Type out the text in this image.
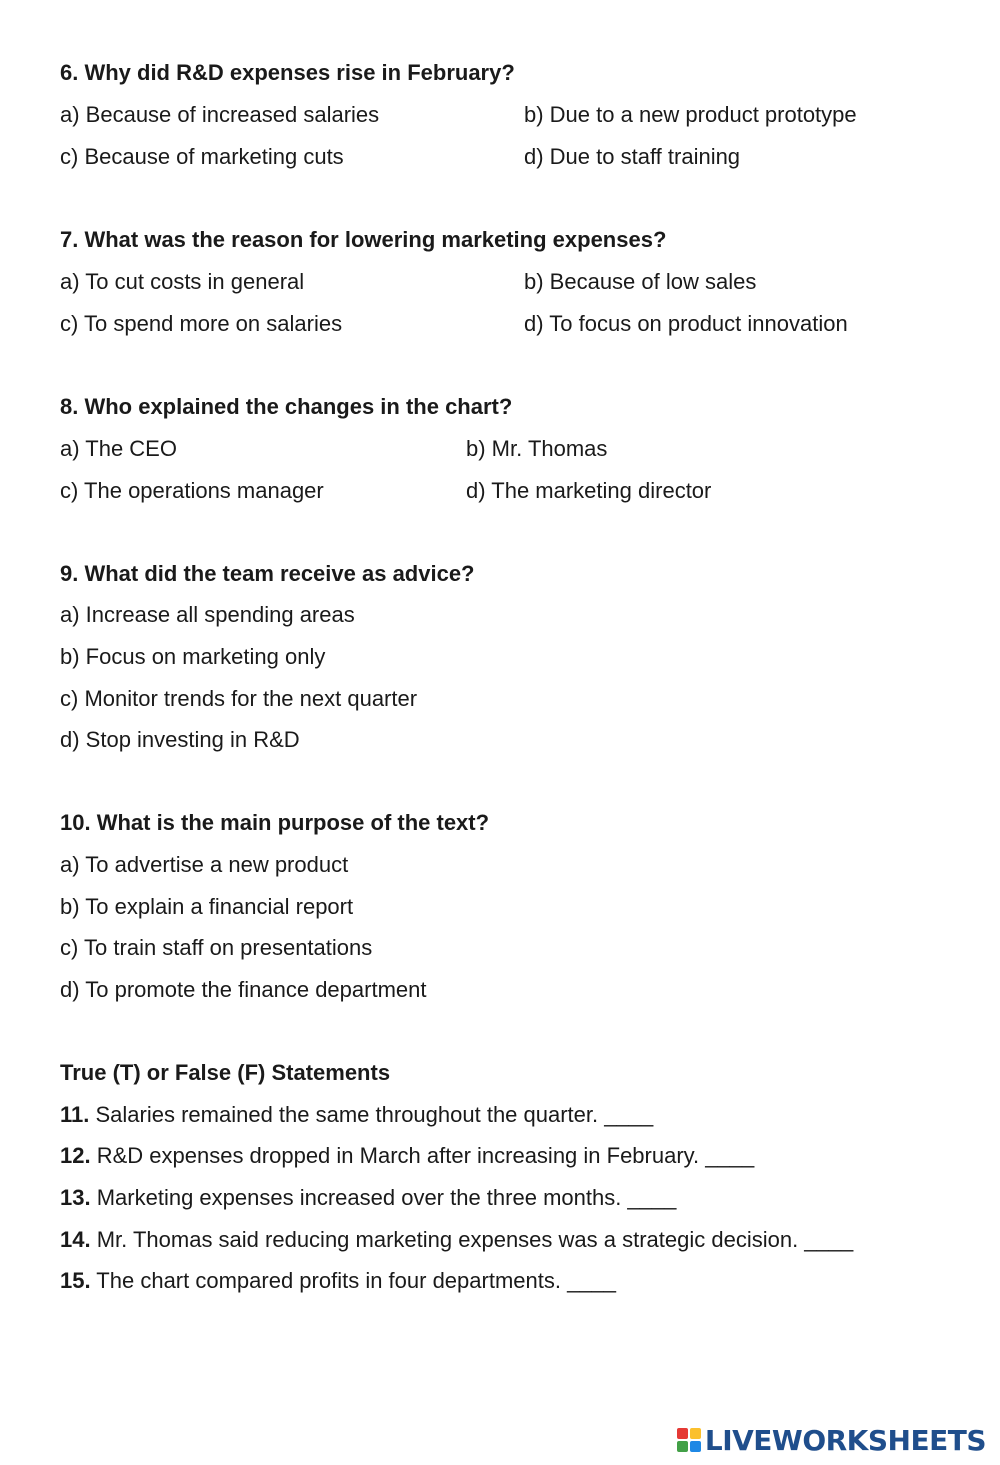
6. Why did R&D expenses rise in February?
a) Because of increased salaries	b) Due to a new product prototype
c) Because of marketing cuts	d) Due to staff training
7. What was the reason for lowering marketing expenses?
a) To cut costs in general	b) Because of low sales
c) To spend more on salaries	d) To focus on product innovation
8. Who explained the changes in the chart?
a) The CEO	b) Mr. Thomas
c) The operations manager	d) The marketing director
9. What did the team receive as advice?
a) Increase all spending areas
b) Focus on marketing only
c) Monitor trends for the next quarter
d) Stop investing in R&D
10. What is the main purpose of the text?
a) To advertise a new product
b) To explain a financial report
c) To train staff on presentations
d) To promote the finance department
True (T) or False (F) Statements
11. Salaries remained the same throughout the quarter. ____
12. R&D expenses dropped in March after increasing in February. ____
13. Marketing expenses increased over the three months. ____
14. Mr. Thomas said reducing marketing expenses was a strategic decision. ____
15. The chart compared profits in four departments. ____
LIVEWORKSHEETS
